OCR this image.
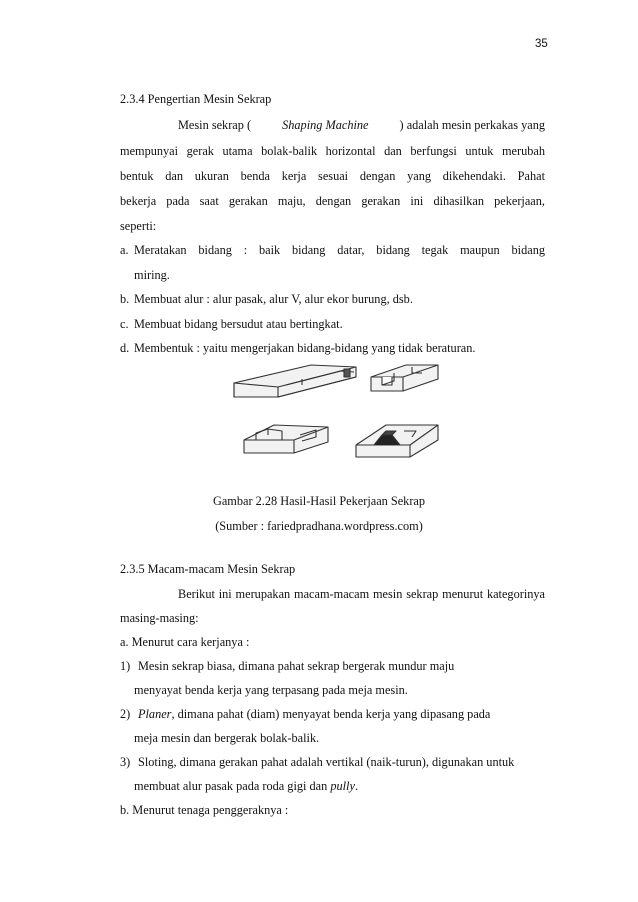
35
2.3.4 Pengertian Mesin Sekrap
Mesin sekrap (	Shaping Machine	) adalah mesin perkakas yang
mempunyai gerak utama bolak-balik horizontal dan berfungsi untuk merubah
bentuk dan ukuran benda kerja sesuai dengan yang dikehendaki. Pahat
bekerja pada saat gerakan maju, dengan gerakan ini dihasilkan pekerjaan,
seperti:
a. Meratakan bidang : baik bidang datar, bidang tegak maupun bidang
miring.
b. Membuat alur : alur pasak, alur V, alur ekor burung, dsb.
c. Membuat bidang bersudut atau bertingkat.
d. Membentuk : yaitu mengerjakan bidang-bidang yang tidak beraturan.
Gambar 2.28 Hasil-Hasil Pekerjaan Sekrap
(Sumber : fariedpradhana.wordpress.com)
2.3.5 Macam-macam Mesin Sekrap
Berikut ini merupakan macam-macam mesin sekrap menurut kategorinya
masing-masing:
a. Menurut cara kerjanya :
1) Mesin sekrap biasa, dimana pahat sekrap bergerak mundur maju
menyayat benda kerja yang terpasang pada meja mesin.
2) Planer, dimana pahat (diam) menyayat benda kerja yang dipasang pada
meja mesin dan bergerak bolak-balik.
3) Sloting, dimana gerakan pahat adalah vertikal (naik-turun), digunakan untuk
membuat alur pasak pada roda gigi dan pully.
b. Menurut tenaga penggeraknya :
